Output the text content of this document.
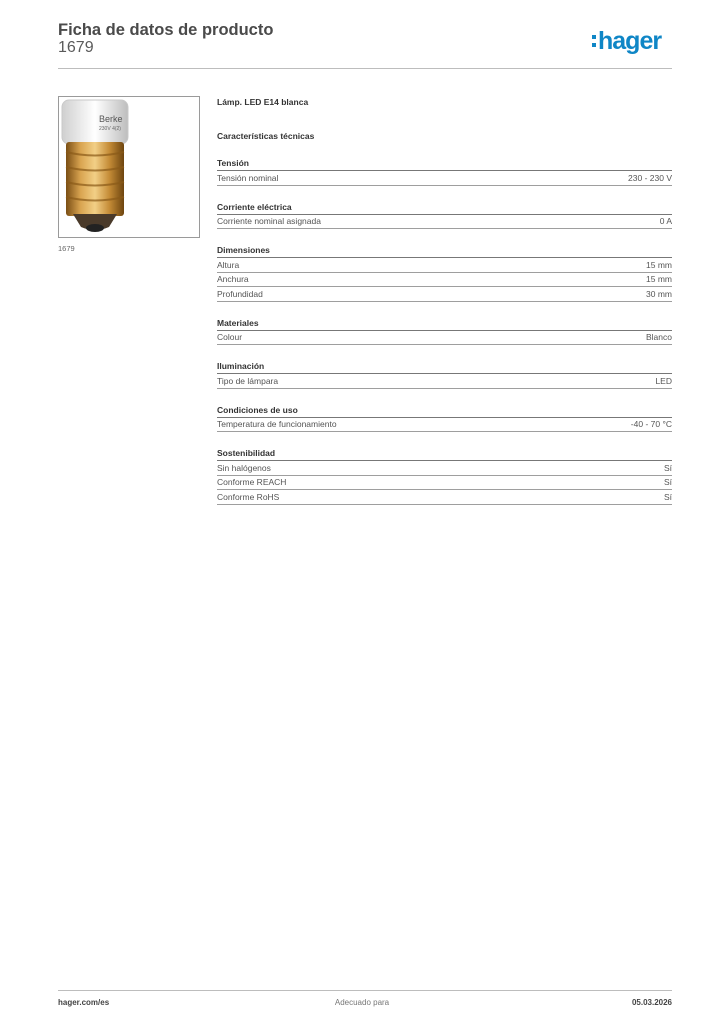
Ficha de datos de producto
1679	hager
Berke
230V 4(2)
1679
Lámp. LED E14 blanca
Características técnicas
Tensión
Tensión nominal	230 - 230 V
Corriente eléctrica
Corriente nominal asignada	0 A
Dimensiones
Altura	15 mm
Anchura	15 mm
Profundidad	30 mm
Materiales
Colour	Blanco
Iluminación
Tipo de lámpara	LED
Condiciones de uso
Temperatura de funcionamiento	-40 - 70 °C
Sostenibilidad
Sin halógenos	Sí
Conforme REACH	Sí
Conforme RoHS	Sí
hager.com/es	Adecuado para	05.03.2026
